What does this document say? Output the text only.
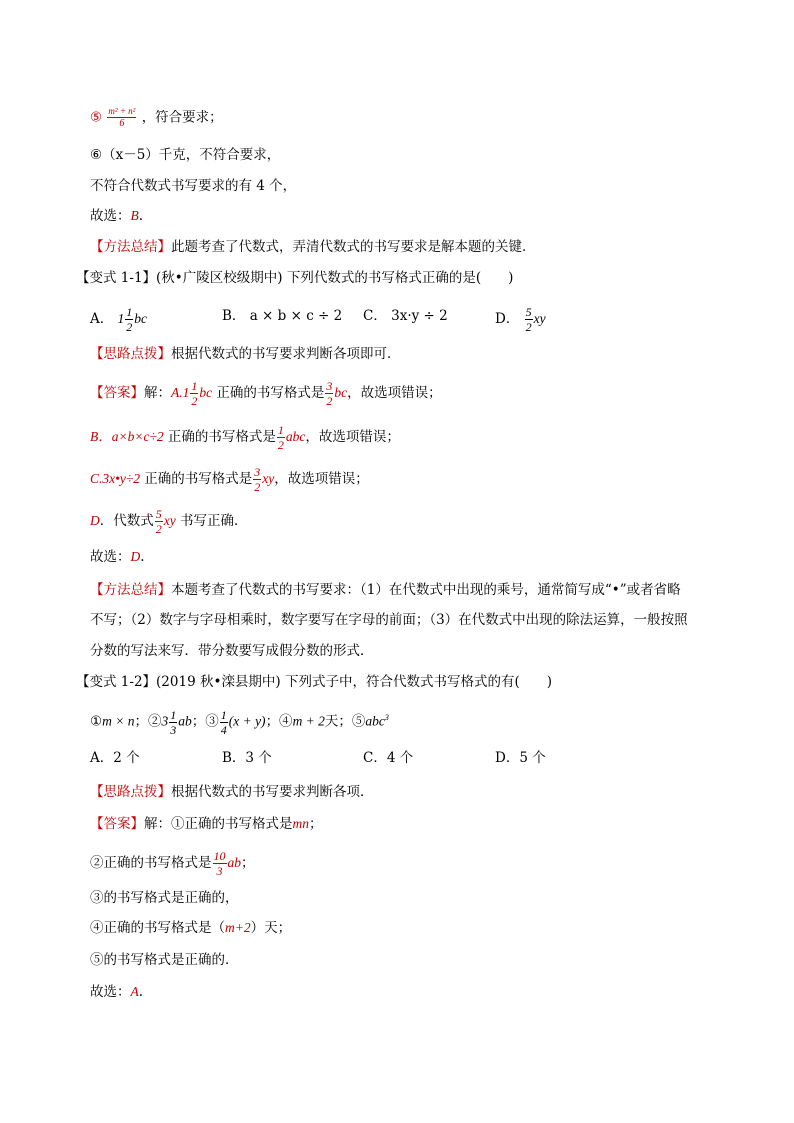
⑤ $\frac{\text{m² + n²}}{6}$ ，符合要求；
⑥（x－5）千克，不符合要求，
不符合代数式书写要求的有 4 个，
故选：B.
【方法总结】此题考查了代数式，弄清代数式的书写要求是解本题的关键．
【变式 1-1】(秋•广陵区校级期中) 下列代数式的书写格式正确的是(　　)
A． $1 \frac{1}{2}$ bc	B． a × b × c ÷ 2 C． 3x·y ÷ 2	D． $\frac{5}{2}$ xy
【思路点拨】根据代数式的书写要求判断各项即可．
【答案】解：$A.1 \frac{1}{2}$ bc 正确的书写格式是 $\frac{3}{2}$ bc，故选项错误；
B．a×b×c÷2 正确的书写格式是 $\frac{1}{2}$ abc，故选项错误；
C.3x•y÷2 正确的书写格式是 $\frac{3}{2}$ xy，故选项错误；
D．代数式 $\frac{5}{2}$ xy 书写正确．
故选：D.
【方法总结】本题考查了代数式的书写要求：（1）在代数式中出现的乘号，通常简写成“•”或者省略
不写；（2）数字与字母相乘时，数字要写在字母的前面；（3）在代数式中出现的除法运算，一般按照
分数的写法来写．带分数要写成假分数的形式．
【变式 1-2】(2019 秋•滦县期中) 下列式子中，符合代数式书写格式的有(　　)
①m × n；②3 $\frac{1}{3}$ ab；③ $\frac{1}{4} (x + y)$；④m + 2天；⑤abc$^3$
A．2 个	B．3 个	C．4 个	D．5 个
【思路点拨】根据代数式的书写要求判断各项．
【答案】解：①正确的书写格式是mn；
②正确的书写格式是 $\frac{10}{3}$ ab；
③的书写格式是正确的，
④正确的书写格式是（m+2）天；
⑤的书写格式是正确的．
故选：A.
